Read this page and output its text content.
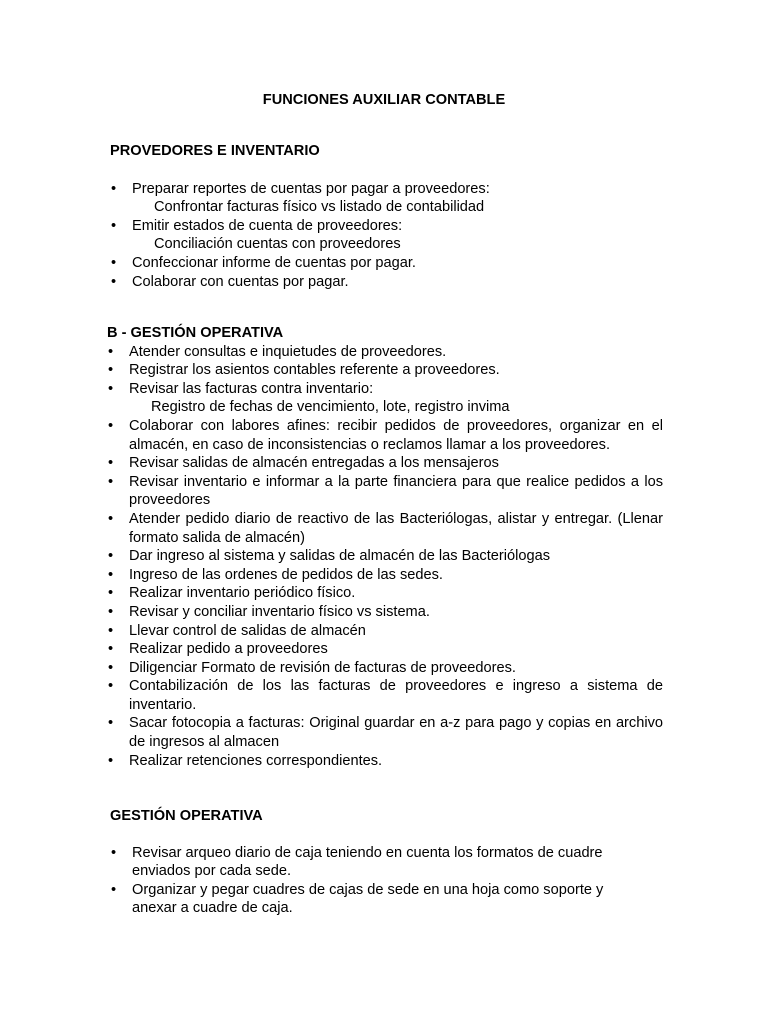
FUNCIONES AUXILIAR CONTABLE
PROVEDORES E INVENTARIO
• Preparar reportes de cuentas por pagar a proveedores:
Confrontar facturas físico vs listado de contabilidad
• Emitir estados de cuenta de proveedores:
Conciliación cuentas con proveedores
• Confeccionar informe de cuentas por pagar.
• Colaborar con cuentas por pagar.
B - GESTIÓN OPERATIVA
• Atender consultas e inquietudes de proveedores.
• Registrar los asientos contables referente a proveedores.
• Revisar las facturas contra inventario:
Registro de fechas de vencimiento, lote, registro invima
• Colaborar con labores afines: recibir pedidos de proveedores, organizar en el almacén, en caso de inconsistencias o reclamos llamar a los proveedores.
• Revisar salidas de almacén entregadas a los mensajeros
• Revisar inventario e informar a la parte financiera para que realice pedidos a los proveedores
• Atender pedido diario de reactivo de las Bacteriólogas, alistar y entregar. (Llenar formato salida de almacén)
• Dar ingreso al sistema y salidas de almacén de las Bacteriólogas
• Ingreso de las ordenes de pedidos de las sedes.
• Realizar inventario periódico físico.
• Revisar y conciliar inventario físico vs sistema.
• Llevar control de salidas de almacén
• Realizar pedido a proveedores
• Diligenciar Formato de revisión de facturas de proveedores.
• Contabilización de los las facturas de proveedores e ingreso a sistema de inventario.
• Sacar fotocopia a facturas: Original guardar en a-z para pago y copias en archivo de ingresos al almacen
• Realizar retenciones correspondientes.
GESTIÓN OPERATIVA
• Revisar arqueo diario de caja teniendo en cuenta los formatos de cuadre enviados por cada sede.
• Organizar y pegar cuadres de cajas de sede en una hoja como soporte y anexar a cuadre de caja.
